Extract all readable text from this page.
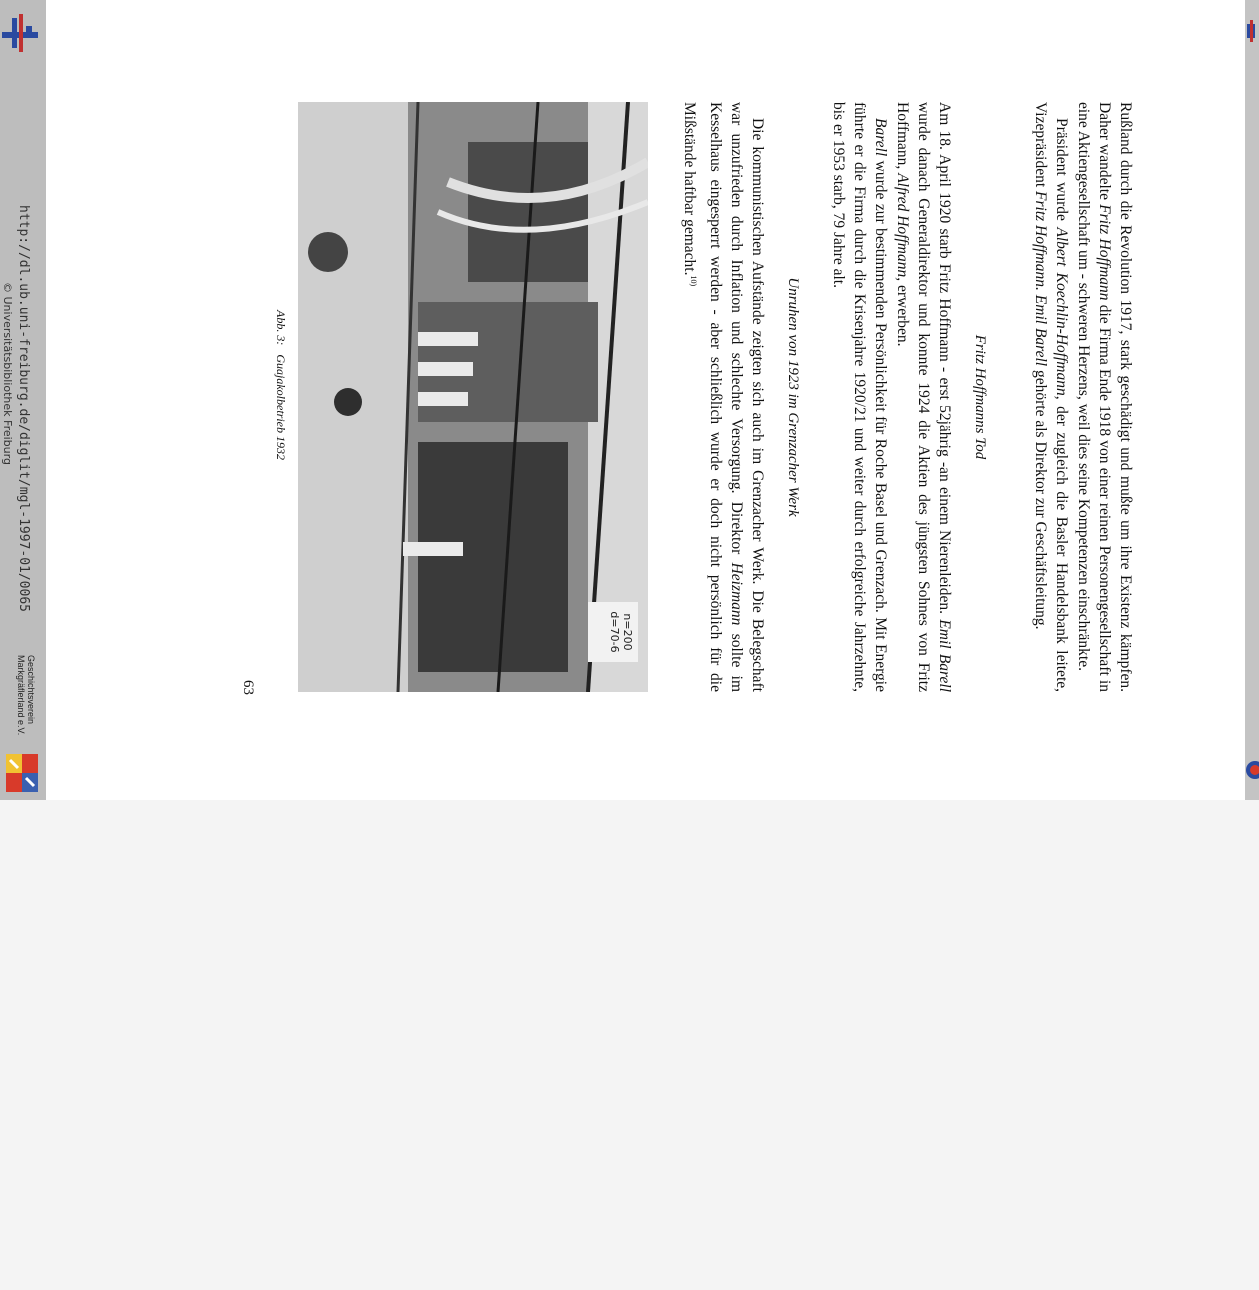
http://dl.ub.uni-freiburg.de/diglit/mgl-1997-01/0065
© Universitätsbibliothek Freiburg
Geschichtsverein
Markgräflerland e.V.

Rußland durch die Revolution 1917, stark geschädigt und mußte um ihre Existenz kämpfen. Daher wandelte Fritz Hoffmann die Firma Ende 1918 von einer reinen Personengesellschaft in eine Aktiengesellschaft um - schweren Herzens, weil dies seine Kompetenzen einschränkte.

Präsident wurde Albert Koechlin-Hoffmann, der zugleich die Basler Handelsbank leitete, Vizepräsident Fritz Hoffmann. Emil Barell gehörte als Direktor zur Geschäftsleitung.

Fritz Hoffmanns Tod

Am 18. April 1920 starb Fritz Hoffmann - erst 52jährig -an einem Nierenleiden. Emil Barell wurde danach Generaldirektor und konnte 1924 die Aktien des jüngsten Sohnes von Fritz Hoffmann, Alfred Hoffmann, erwerben.

Barell wurde zur bestimmenden Persönlichkeit für Roche Basel und Grenzach. Mit Energie führte er die Firma durch die Krisenjahre 1920/21 und weiter durch erfolgreiche Jahrzehnte, bis er 1953 starb, 79 Jahre alt.

Unruhen von 1923 im Grenzacher Werk

Die kommunistischen Aufstände zeigten sich auch im Grenzacher Werk. Die Belegschaft war unzufrieden durch Inflation und schlechte Versorgung. Direktor Heizmann sollte im Kesselhaus eingesperrt werden - aber schließlich wurde er doch nicht persönlich für die Mißstände haftbar gemacht.$^{10)}$

n=200 d=70-6
Abb. 3:   Guajakolbetrieb 1932
63
